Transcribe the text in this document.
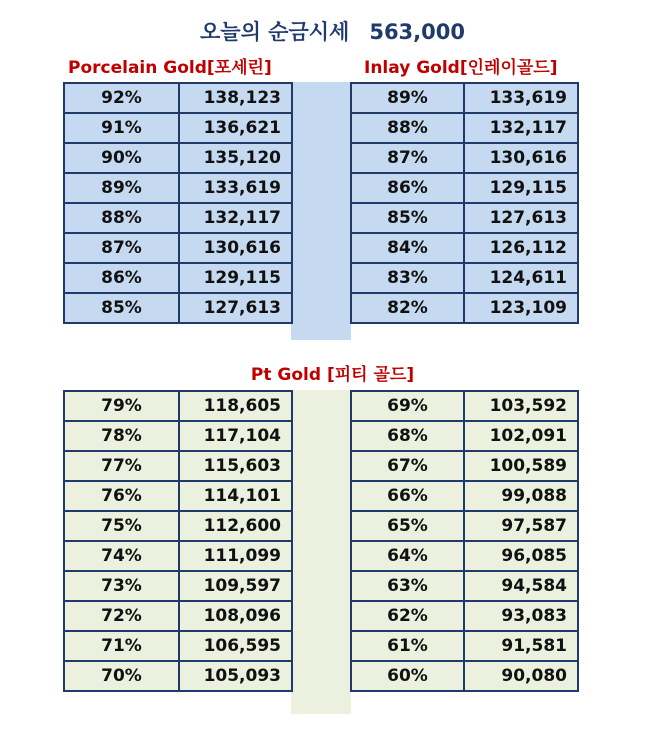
오늘의 순금시세 563,000
Porcelain Gold[포세린]	Inlay Gold[인레이골드]
92%	138,123
91%	136,621
90%	135,120
89%	133,619
88%	132,117
87%	130,616
86%	129,115
85%	127,613
89%	133,619
88%	132,117
87%	130,616
86%	129,115
85%	127,613
84%	126,112
83%	124,611
82%	123,109
Pt Gold [피티 골드]
79%	118,605
78%	117,104
77%	115,603
76%	114,101
75%	112,600
74%	111,099
73%	109,597
72%	108,096
71%	106,595
70%	105,093
69%	103,592
68%	102,091
67%	100,589
66%	99,088
65%	97,587
64%	96,085
63%	94,584
62%	93,083
61%	91,581
60%	90,080
